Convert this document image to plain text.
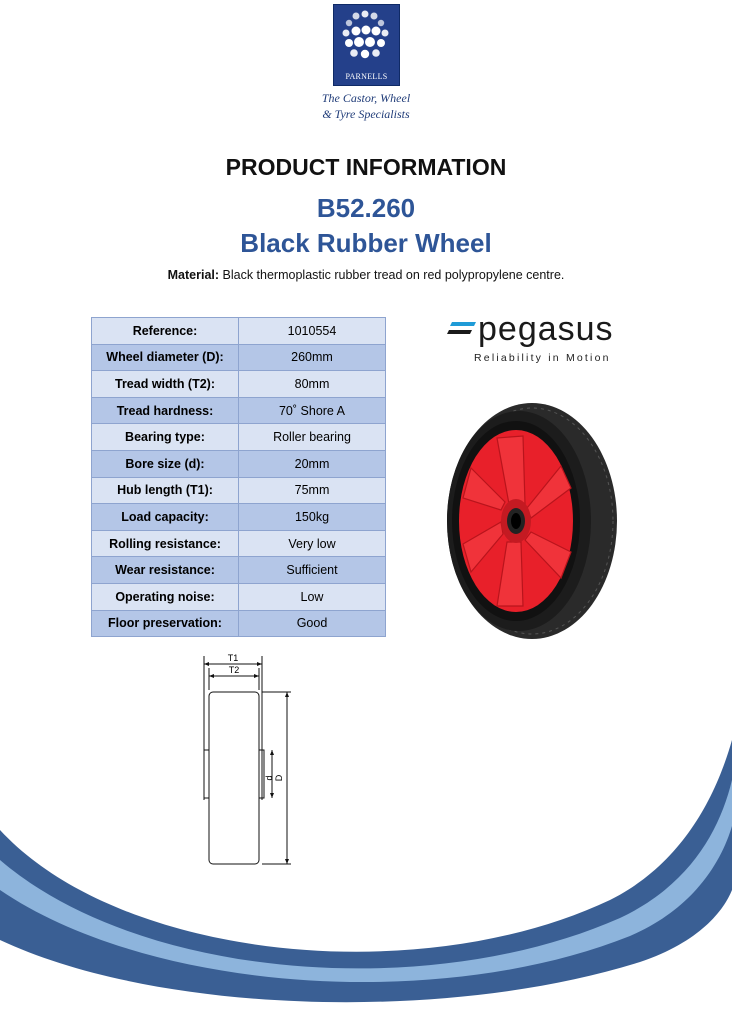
PARNELLS
The Castor, Wheel
& Tyre Specialists
PRODUCT INFORMATION
B52.260
Black Rubber Wheel
Material: Black thermoplastic rubber tread on red polypropylene centre.
Reference:	1010554
Wheel diameter (D):	260mm
Tread width (T2):	80mm
Tread hardness:	70˚ Shore A
Bearing type:	Roller bearing
Bore size (d):	20mm
Hub length (T1):	75mm
Load capacity:	150kg
Rolling resistance:	Very low
Wear resistance:	Sufficient
Operating noise:	Low
Floor preservation:	Good
pegasus
Reliability in Motion
T1
T2
d D
